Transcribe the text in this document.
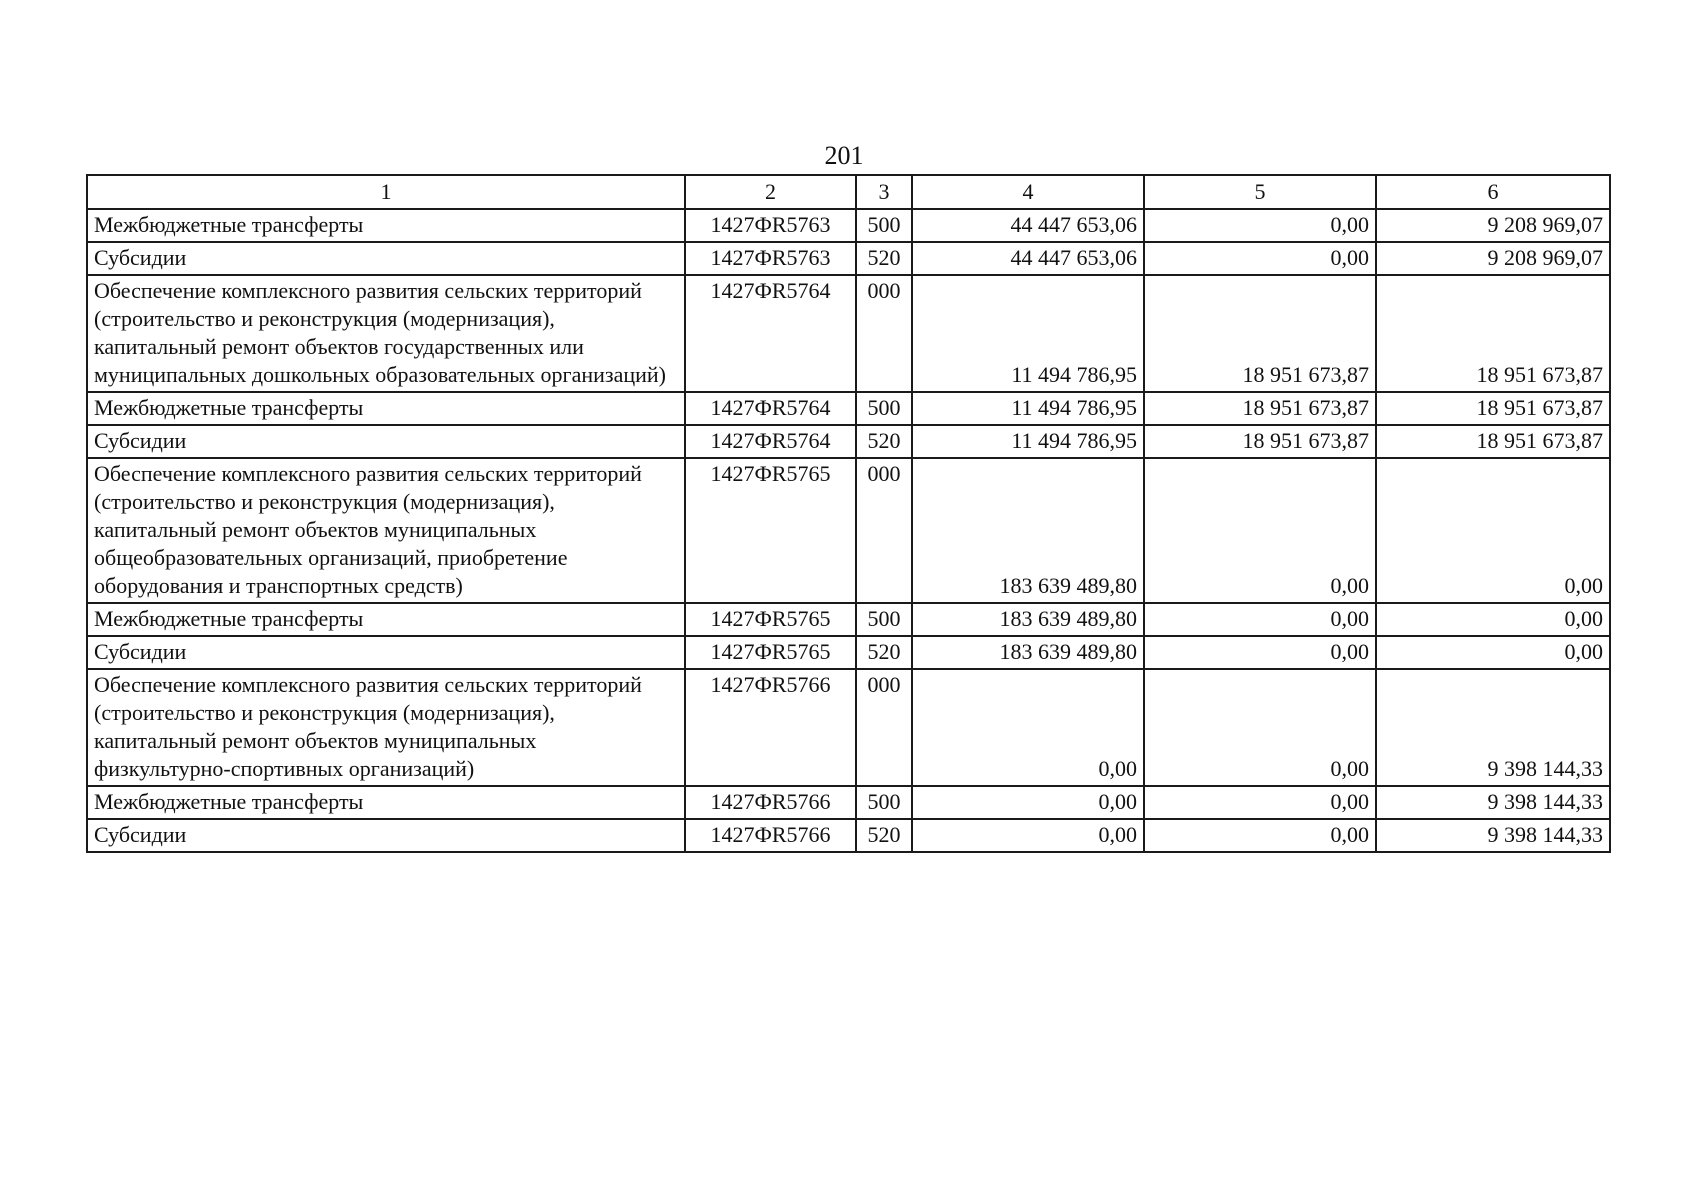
201
1	2	3	4	5	6
Межбюджетные трансферты	1427ФR5763	500	44 447 653,06	0,00	9 208 969,07
Субсидии	1427ФR5763	520	44 447 653,06	0,00	9 208 969,07
Обеспечение комплексного развития сельских территорий (строительство и реконструкция (модернизация), капитальный ремонт объектов государственных или муниципальных дошкольных образовательных организаций)	1427ФR5764	000	11 494 786,95	18 951 673,87	18 951 673,87
Межбюджетные трансферты	1427ФR5764	500	11 494 786,95	18 951 673,87	18 951 673,87
Субсидии	1427ФR5764	520	11 494 786,95	18 951 673,87	18 951 673,87
Обеспечение комплексного развития сельских территорий (строительство и реконструкция (модернизация), капитальный ремонт объектов муниципальных общеобразовательных организаций, приобретение оборудования и транспортных средств)	1427ФR5765	000	183 639 489,80	0,00	0,00
Межбюджетные трансферты	1427ФR5765	500	183 639 489,80	0,00	0,00
Субсидии	1427ФR5765	520	183 639 489,80	0,00	0,00
Обеспечение комплексного развития сельских территорий (строительство и реконструкция (модернизация), капитальный ремонт объектов муниципальных физкультурно-спортивных организаций)	1427ФR5766	000	0,00	0,00	9 398 144,33
Межбюджетные трансферты	1427ФR5766	500	0,00	0,00	9 398 144,33
Субсидии	1427ФR5766	520	0,00	0,00	9 398 144,33
